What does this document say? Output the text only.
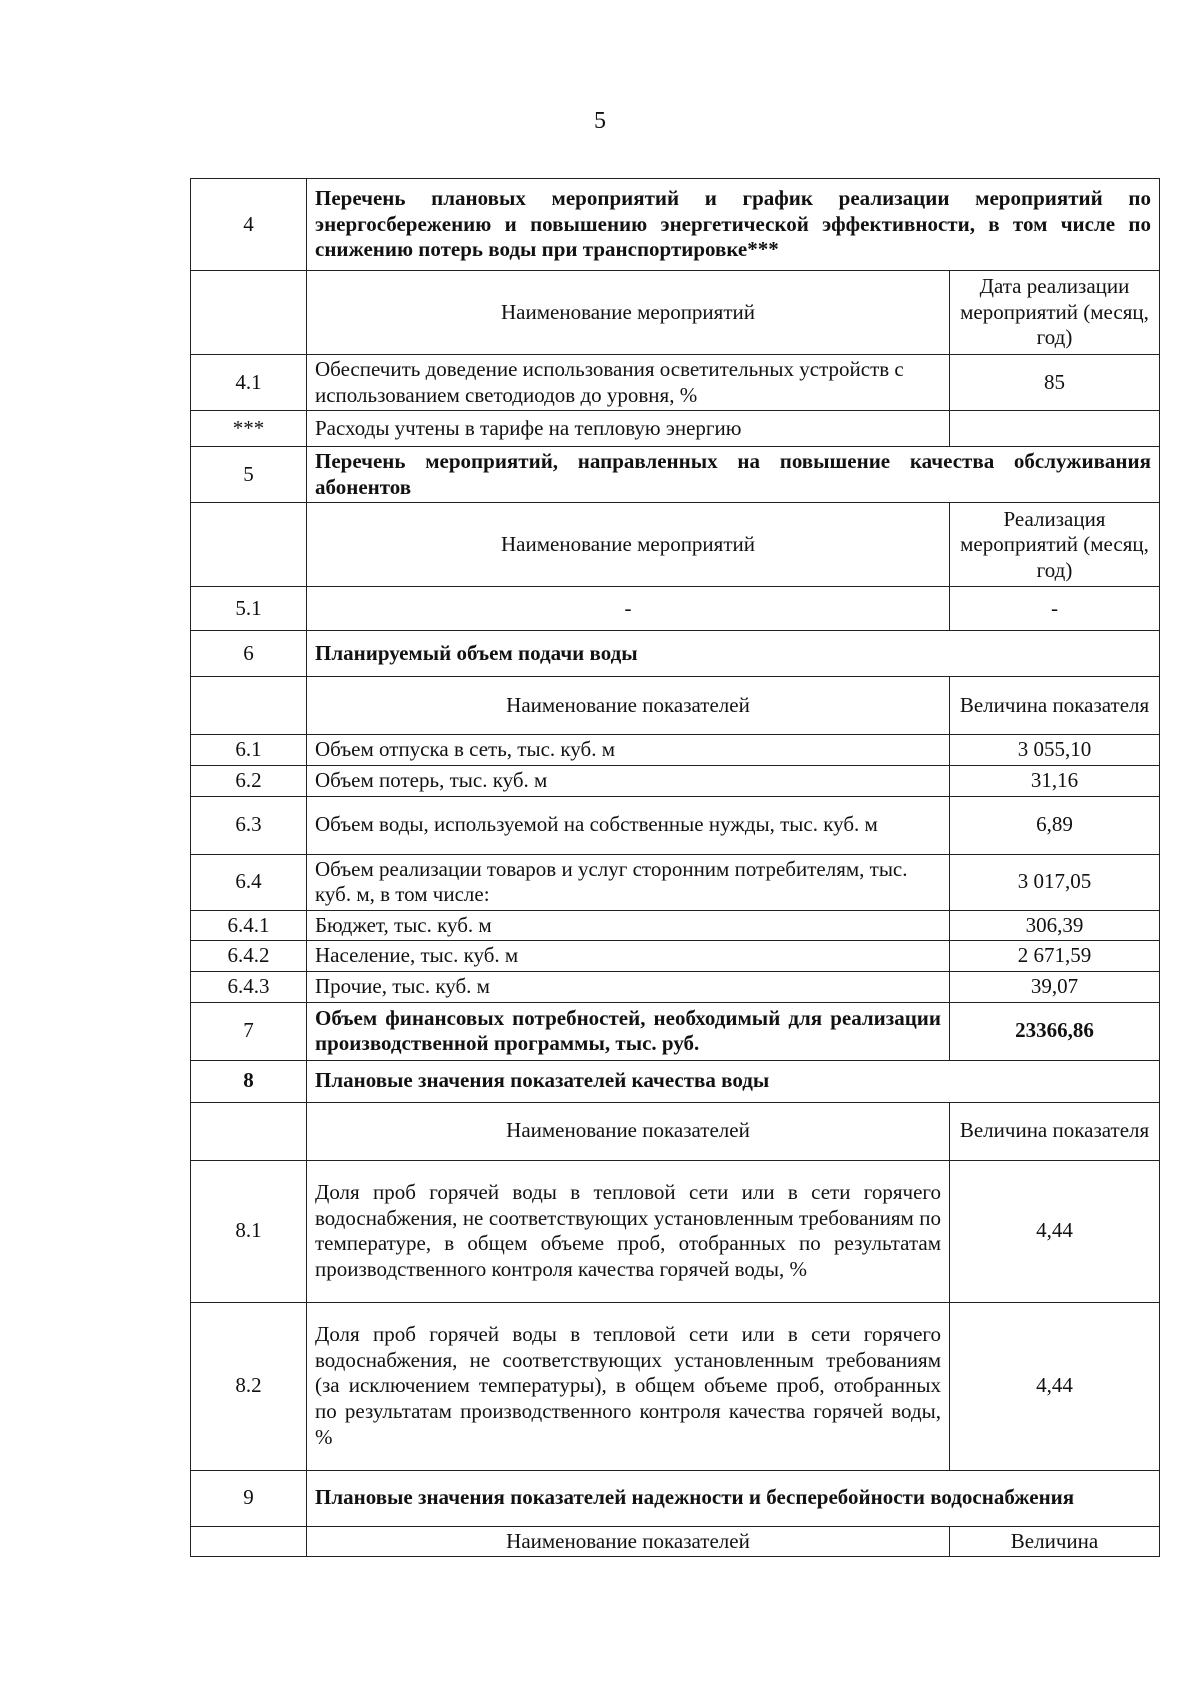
5
4	Перечень плановых мероприятий и график реализации мероприятий по энергосбережению и повышению энергетической эффективности, в том числе по снижению потерь воды при транспортировке***	
	Наименование мероприятий	Дата реализации мероприятий (месяц, год)
4.1	Обеспечить доведение использования осветительных устройств с использованием светодиодов до уровня, %	85
***	Расходы учтены в тарифе на тепловую энергию	
5	Перечень мероприятий, направленных на повышение качества обслуживания абонентов	
	Наименование мероприятий	Реализация мероприятий (месяц, год)
5.1	-	-
6	Планируемый объем подачи воды	
	Наименование показателей	Величина показателя
6.1	Объем отпуска в сеть, тыс. куб. м	3 055,10
6.2	Объем потерь, тыс. куб. м	31,16
6.3	Объем воды, используемой на собственные нужды, тыс. куб. м	6,89
6.4	Объем реализации товаров и услуг сторонним потребителям, тыс. куб. м, в том числе:	3 017,05
6.4.1	Бюджет, тыс. куб. м	306,39
6.4.2	Население, тыс. куб. м	2 671,59
6.4.3	Прочие, тыс. куб. м	39,07
7	Объем финансовых потребностей, необходимый для реализации производственной программы, тыс. руб.	23366,86
8	Плановые значения показателей качества воды	
	Наименование показателей	Величина показателя
8.1	Доля проб горячей воды в тепловой сети или в сети горячего водоснабжения, не соответствующих установленным требованиям по температуре, в общем объеме проб, отобранных по результатам производственного контроля качества горячей воды, %	4,44
8.2	Доля проб горячей воды в тепловой сети или в сети горячего водоснабжения, не соответствующих установленным требованиям (за исключением температуры), в общем объеме проб, отобранных по результатам производственного контроля качества горячей воды, %	4,44
9	Плановые значения показателей надежности и бесперебойности водоснабжения	
	Наименование показателей	Величина
